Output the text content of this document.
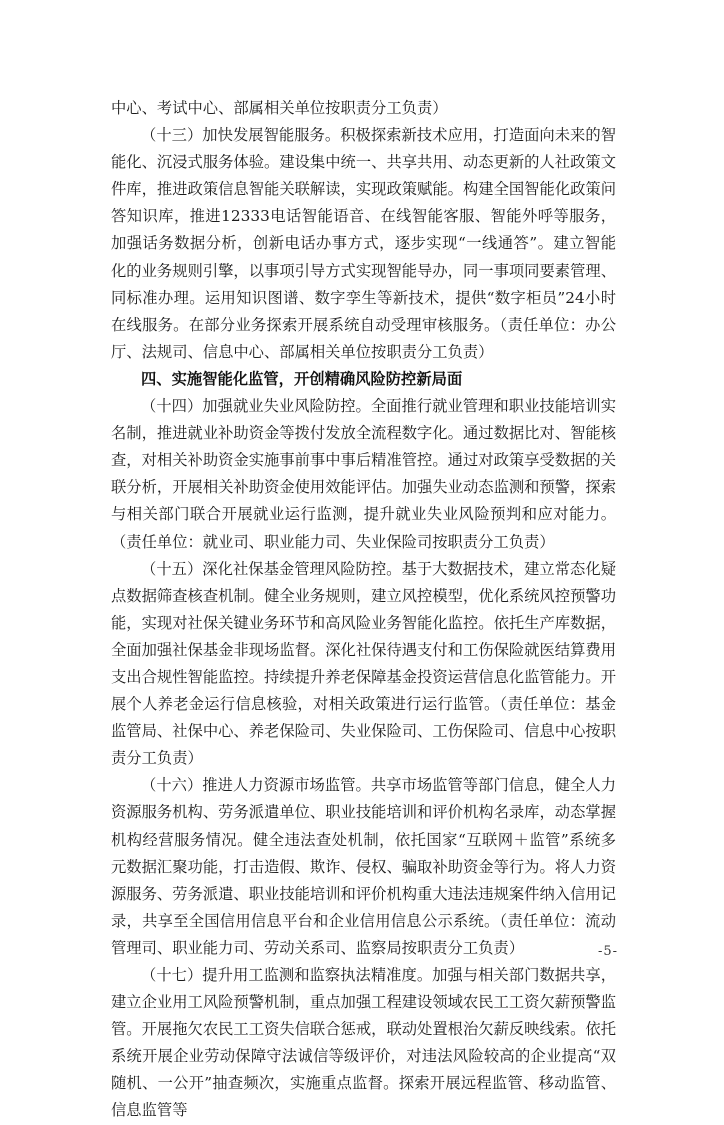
中心、考试中心、部属相关单位按职责分工负责）

（十三）加快发展智能服务。积极探索新技术应用，打造面向未来的智能化、沉浸式服务体验。建设集中统一、共享共用、动态更新的人社政策文件库，推进政策信息智能关联解读，实现政策赋能。构建全国智能化政策问答知识库，推进12333电话智能语音、在线智能客服、智能外呼等服务，加强话务数据分析，创新电话办事方式，逐步实现“一线通答”。建立智能化的业务规则引擎，以事项引导方式实现智能导办，同一事项同要素管理、同标准办理。运用知识图谱、数字孪生等新技术，提供“数字柜员”24小时在线服务。在部分业务探索开展系统自动受理审核服务。（责任单位：办公厅、法规司、信息中心、部属相关单位按职责分工负责）

四、实施智能化监管，开创精确风险防控新局面

（十四）加强就业失业风险防控。全面推行就业管理和职业技能培训实名制，推进就业补助资金等拨付发放全流程数字化。通过数据比对、智能核查，对相关补助资金实施事前事中事后精准管控。通过对政策享受数据的关联分析，开展相关补助资金使用效能评估。加强失业动态监测和预警，探索与相关部门联合开展就业运行监测，提升就业失业风险预判和应对能力。（责任单位：就业司、职业能力司、失业保险司按职责分工负责）

（十五）深化社保基金管理风险防控。基于大数据技术，建立常态化疑点数据筛查核查机制。健全业务规则，建立风控模型，优化系统风控预警功能，实现对社保关键业务环节和高风险业务智能化监控。依托生产库数据，全面加强社保基金非现场监督。深化社保待遇支付和工伤保险就医结算费用支出合规性智能监控。持续提升养老保障基金投资运营信息化监管能力。开展个人养老金运行信息核验，对相关政策进行运行监管。（责任单位：基金监管局、社保中心、养老保险司、失业保险司、工伤保险司、信息中心按职责分工负责）

（十六）推进人力资源市场监管。共享市场监管等部门信息，健全人力资源服务机构、劳务派遣单位、职业技能培训和评价机构名录库，动态掌握机构经营服务情况。健全违法查处机制，依托国家“互联网＋监管”系统多元数据汇聚功能，打击造假、欺诈、侵权、骗取补助资金等行为。将人力资源服务、劳务派遣、职业技能培训和评价机构重大违法违规案件纳入信用记录，共享至全国信用信息平台和企业信用信息公示系统。（责任单位：流动管理司、职业能力司、劳动关系司、监察局按职责分工负责）

（十七）提升用工监测和监察执法精准度。加强与相关部门数据共享，建立企业用工风险预警机制，重点加强工程建设领域农民工工资欠薪预警监管。开展拖欠农民工工资失信联合惩戒，联动处置根治欠薪反映线索。依托系统开展企业劳动保障守法诚信等级评价，对违法风险较高的企业提高“双随机、一公开”抽查频次，实施重点监督。探索开展远程监管、移动监管、信息监管等

-5-
